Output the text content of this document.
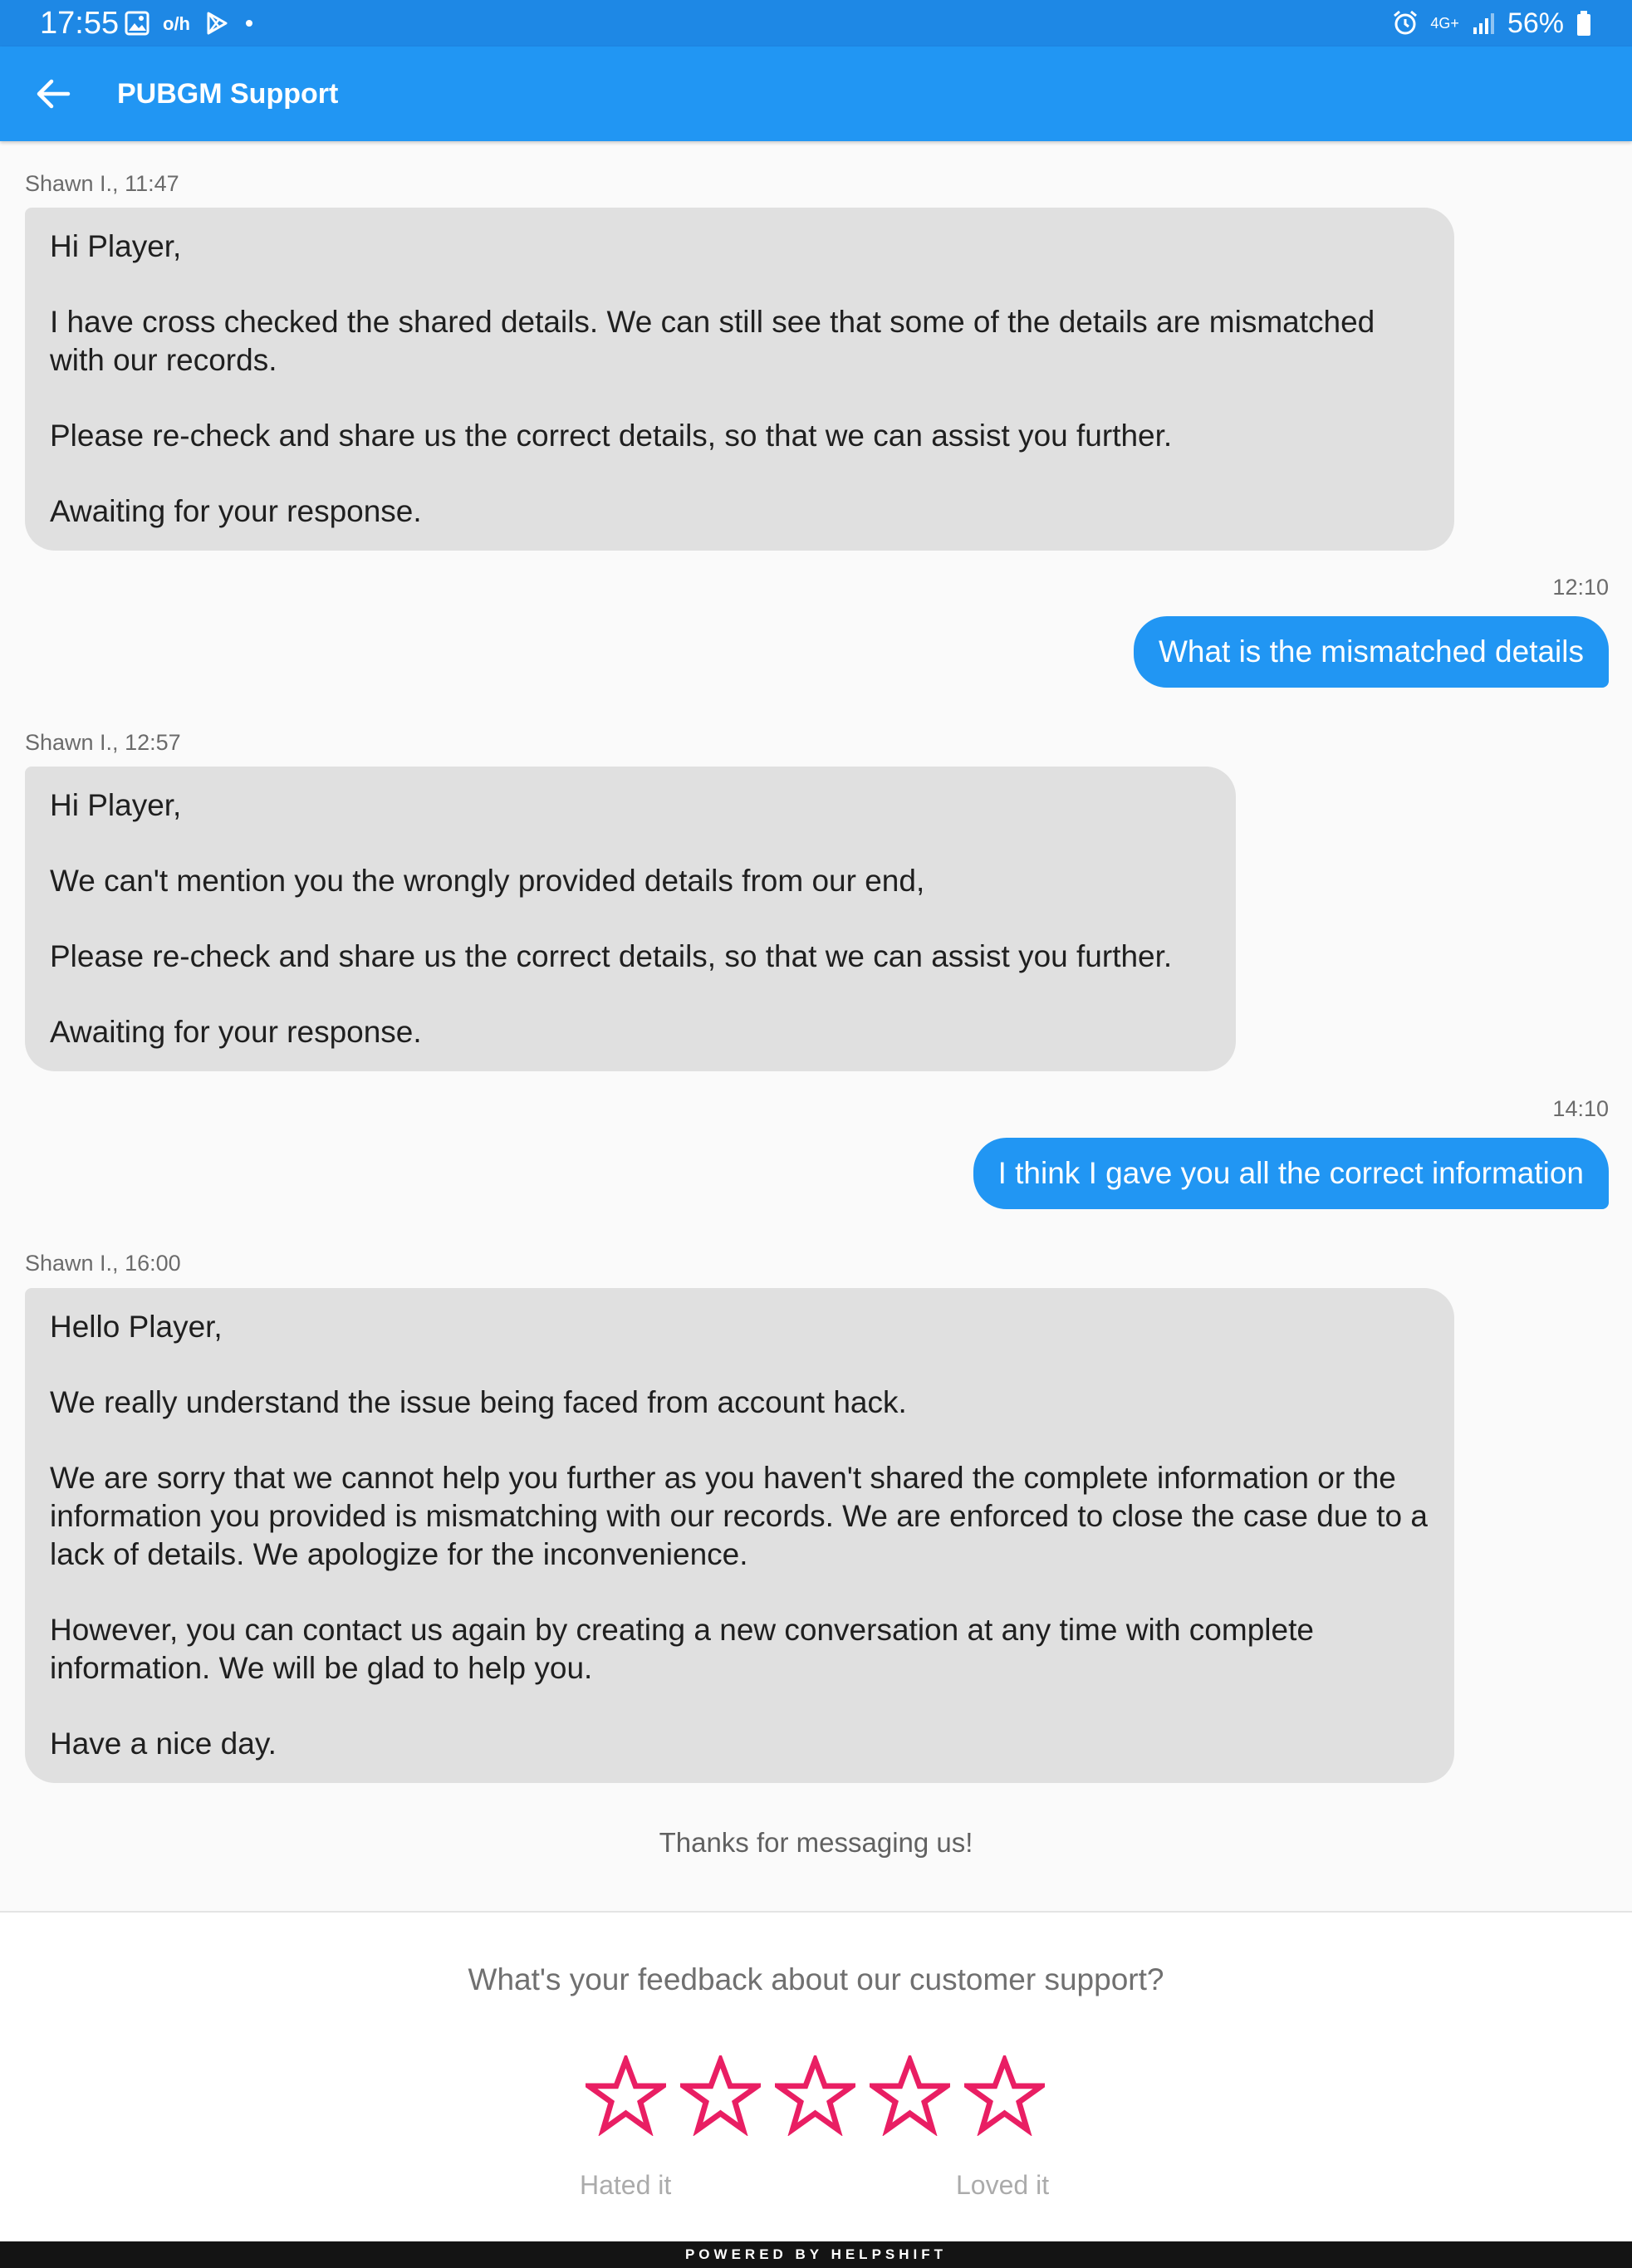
17:55 o/h	4G+ 56%
PUBGM Support
Shawn I., 11:47

Hi Player,

I have cross checked the shared details. We can still see that some of the details are mismatched with our records.

Please re-check and share us the correct details, so that we can assist you further.

Awaiting for your response.

12:10
What is the mismatched details
Shawn I., 12:57

Hi Player,

We can't mention you the wrongly provided details from our end,

Please re-check and share us the correct details, so that we can assist you further.

Awaiting for your response.

14:10
I think I gave you all the correct information
Shawn I., 16:00

Hello Player,

We really understand the issue being faced from account hack.

We are sorry that we cannot help you further as you haven't shared the complete information or the information you provided is mismatching with our records. We are enforced to close the case due to a lack of details. We apologize for the inconvenience.

However, you can contact us again by creating a new conversation at any time with complete information. We will be glad to help you.

Have a nice day.

Thanks for messaging us!
What's your feedback about our customer support?
Hated it	Loved it
POWERED BY HELPSHIFT
